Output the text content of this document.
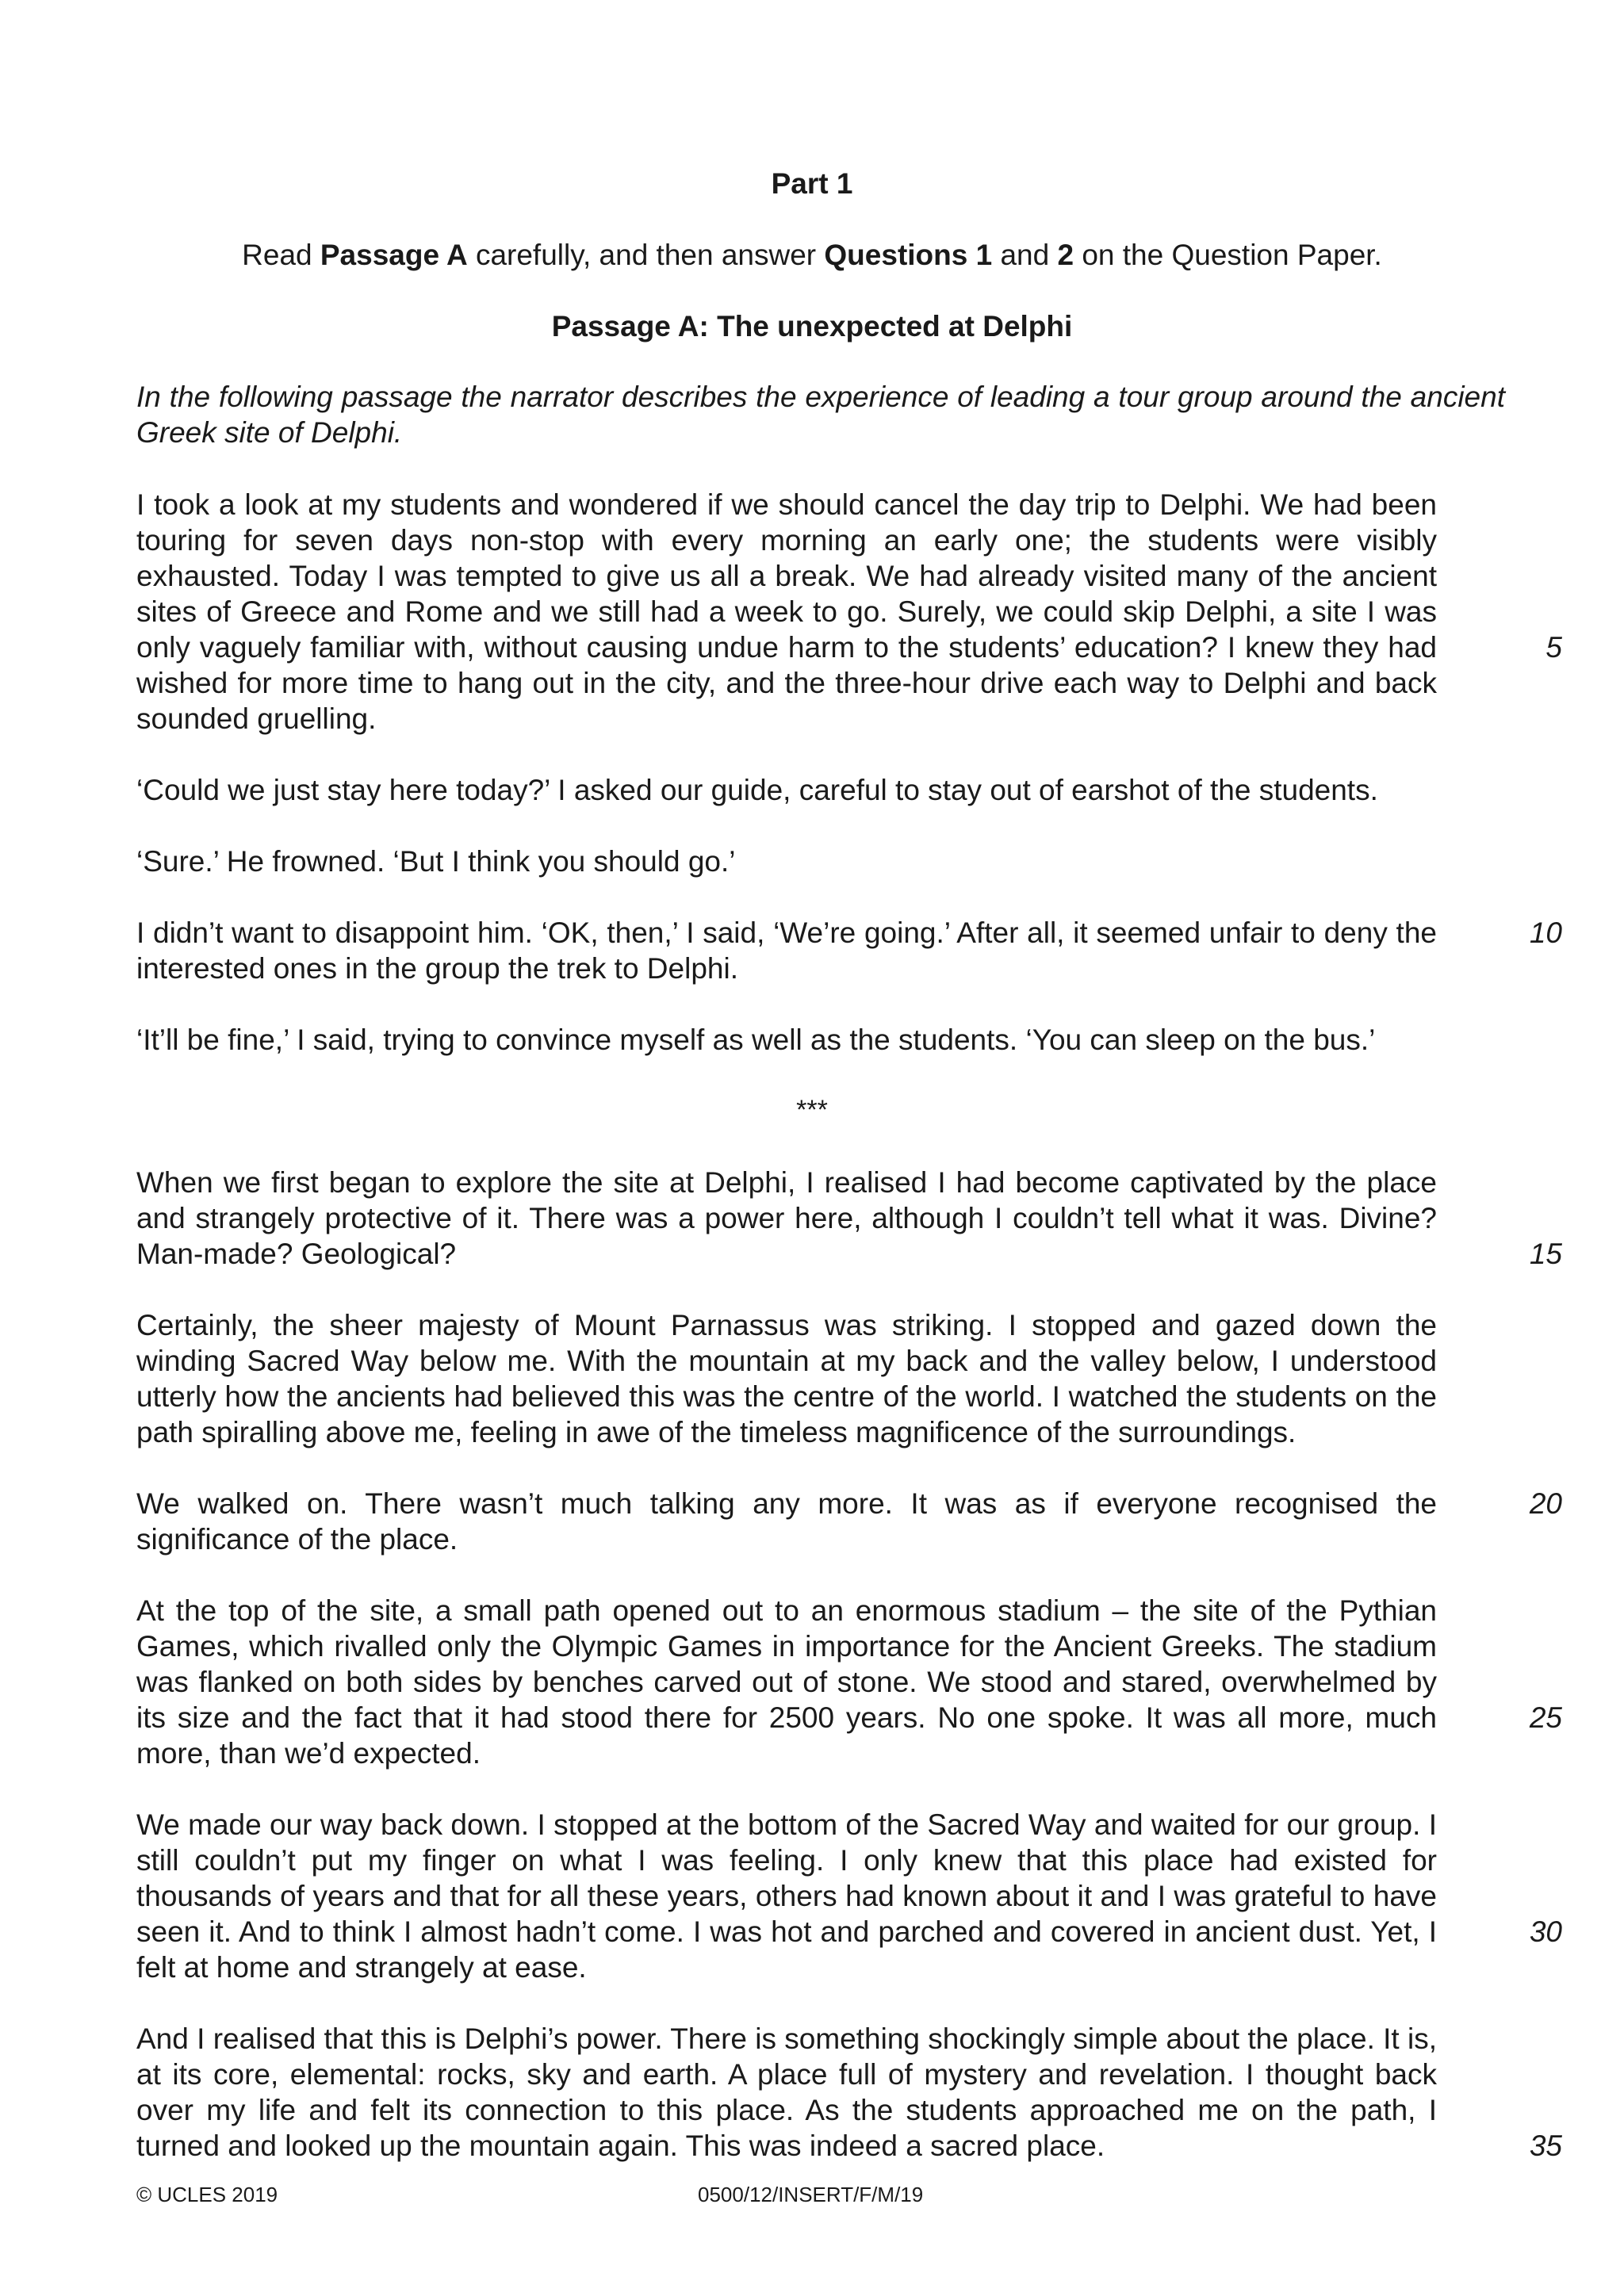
Part 1

Read Passage A carefully, and then answer Questions 1 and 2 on the Question Paper.

Passage A: The unexpected at Delphi

In the following passage the narrator describes the experience of leading a tour group around the ancient Greek site of Delphi.

I took a look at my students and wondered if we should cancel the day trip to Delphi. We had been touring for seven days non-stop with every morning an early one; the students were visibly exhausted. Today I was tempted to give us all a break. We had already visited many of the ancient sites of Greece and Rome and we still had a week to go. Surely, we could skip Delphi, a site I was only vaguely familiar with, without causing undue harm to the students’ education? I knew they had wished for more time to hang out in the city, and the three-hour drive each way to Delphi and back sounded gruelling.

‘Could we just stay here today?’ I asked our guide, careful to stay out of earshot of the students.

‘Sure.’ He frowned. ‘But I think you should go.’

I didn’t want to disappoint him. ‘OK, then,’ I said, ‘We’re going.’ After all, it seemed unfair to deny the interested ones in the group the trek to Delphi.

‘It’ll be fine,’ I said, trying to convince myself as well as the students. ‘You can sleep on the bus.’

***

When we first began to explore the site at Delphi, I realised I had become captivated by the place and strangely protective of it. There was a power here, although I couldn’t tell what it was. Divine? Man-made? Geological?

Certainly, the sheer majesty of Mount Parnassus was striking. I stopped and gazed down the winding Sacred Way below me. With the mountain at my back and the valley below, I understood utterly how the ancients had believed this was the centre of the world. I watched the students on the path spiralling above me, feeling in awe of the timeless magnificence of the surroundings.

We walked on. There wasn’t much talking any more. It was as if everyone recognised the significance of the place.

At the top of the site, a small path opened out to an enormous stadium – the site of the Pythian Games, which rivalled only the Olympic Games in importance for the Ancient Greeks. The stadium was flanked on both sides by benches carved out of stone. We stood and stared, overwhelmed by its size and the fact that it had stood there for 2500 years. No one spoke. It was all more, much more, than we’d expected.

We made our way back down. I stopped at the bottom of the Sacred Way and waited for our group. I still couldn’t put my finger on what I was feeling. I only knew that this place had existed for thousands of years and that for all these years, others had known about it and I was grateful to have seen it. And to think I almost hadn’t come. I was hot and parched and covered in ancient dust. Yet, I felt at home and strangely at ease.

And I realised that this is Delphi’s power. There is something shockingly simple about the place. It is, at its core, elemental: rocks, sky and earth. A place full of mystery and revelation. I thought back over my life and felt its connection to this place. As the students approached me on the path, I turned and looked up the mountain again. This was indeed a sacred place.

5

10

15

20

25

30

35

© UCLES 2019	0500/12/INSERT/F/M/19
